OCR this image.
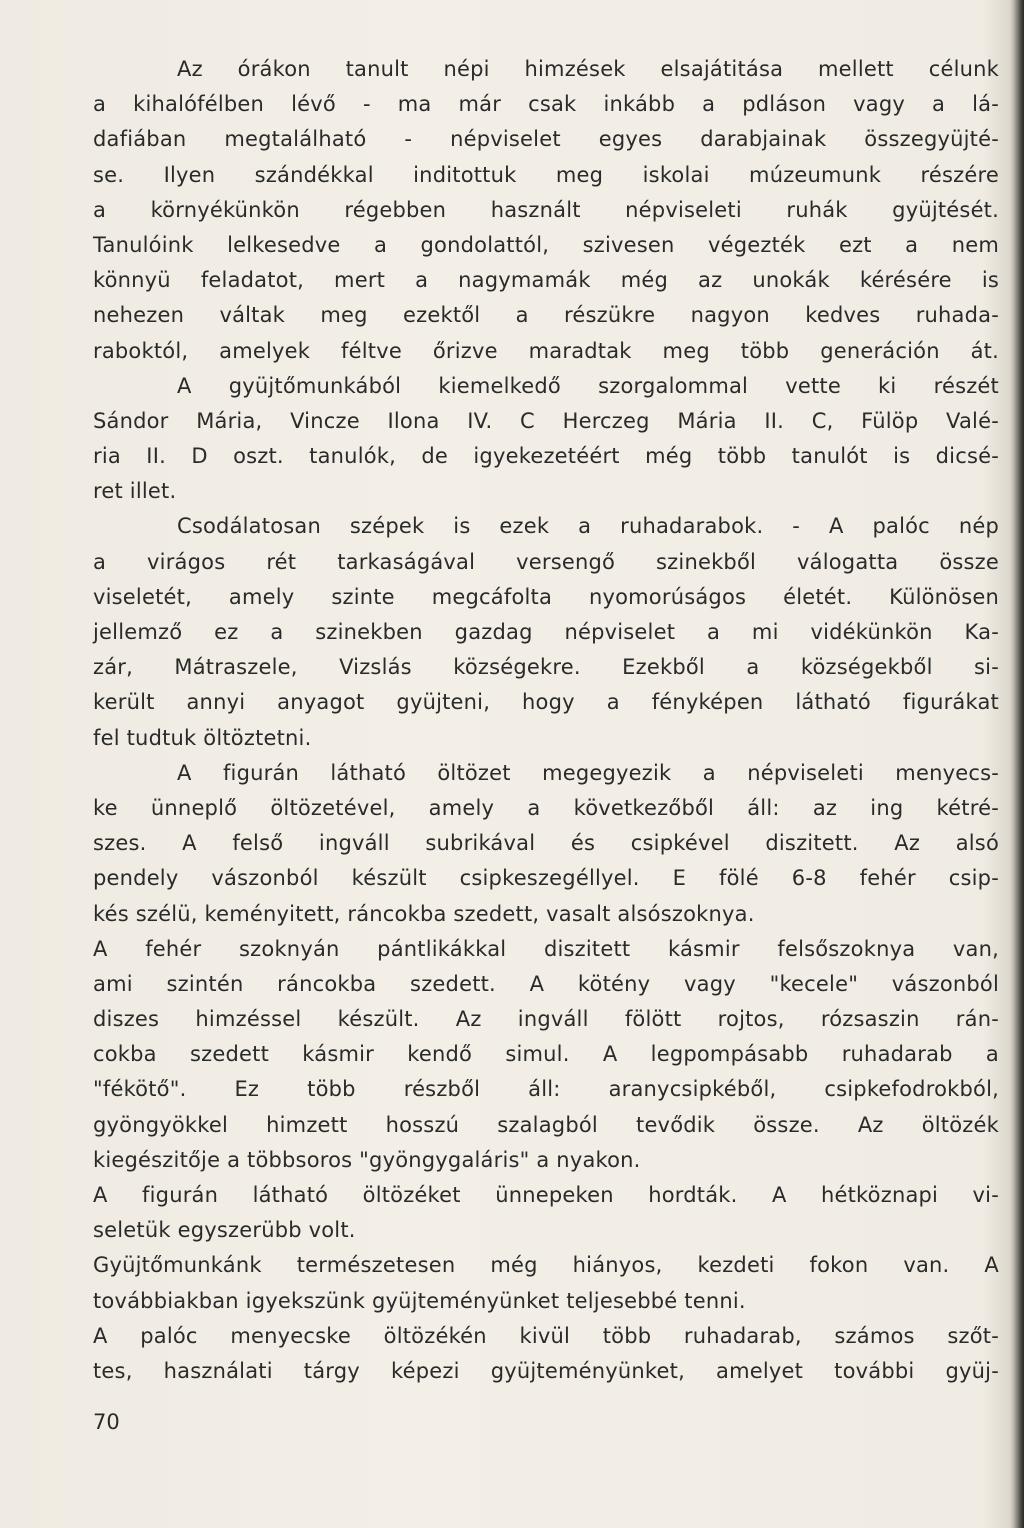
Az órákon tanult népi himzések elsajátitása mellett célunk
a kihalófélben lévő - ma már csak inkább a pdláson vagy a lá-
dafiában megtalálható - népviselet egyes darabjainak összegyüjté-
se. Ilyen szándékkal inditottuk meg iskolai múzeumunk részére
a környékünkön régebben használt népviseleti ruhák gyüjtését.
Tanulóink lelkesedve a gondolattól, szivesen végezték ezt a nem
könnyü feladatot, mert a nagymamák még az unokák kérésére is
nehezen váltak meg ezektől a részükre nagyon kedves ruhada-
raboktól, amelyek féltve őrizve maradtak meg több generáción át.
A gyüjtőmunkából kiemelkedő szorgalommal vette ki részét
Sándor Mária, Vincze Ilona IV. C Herczeg Mária II. C, Fülöp Valé-
ria II. D oszt. tanulók, de igyekezetéért még több tanulót is dicsé-
ret illet.
Csodálatosan szépek is ezek a ruhadarabok. - A palóc nép
a virágos rét tarkaságával versengő szinekből válogatta össze
viseletét, amely szinte megcáfolta nyomorúságos életét. Különösen
jellemző ez a szinekben gazdag népviselet a mi vidékünkön Ka-
zár, Mátraszele, Vizslás községekre. Ezekből a községekből si-
került annyi anyagot gyüjteni, hogy a fényképen látható figurákat
fel tudtuk öltöztetni.
A figurán látható öltözet megegyezik a népviseleti menyecs-
ke ünneplő öltözetével, amely a következőből áll: az ing kétré-
szes. A felső ingváll subrikával és csipkével diszitett. Az alsó
pendely vászonból készült csipkeszegéllyel. E fölé 6-8 fehér csip-
kés szélü, keményitett, ráncokba szedett, vasalt alsószoknya.
A fehér szoknyán pántlikákkal diszitett kásmir felsőszoknya van,
ami szintén ráncokba szedett. A kötény vagy "kecele" vászonból
diszes himzéssel készült. Az ingváll fölött rojtos, rózsaszin rán-
cokba szedett kásmir kendő simul. A legpompásabb ruhadarab a
"fékötő". Ez több részből áll: aranycsipkéből, csipkefodrokból,
gyöngyökkel himzett hosszú szalagból tevődik össze. Az öltözék
kiegészitője a többsoros "gyöngygaláris" a nyakon.
A figurán látható öltözéket ünnepeken hordták. A hétköznapi vi-
seletük egyszerübb volt.
Gyüjtőmunkánk természetesen még hiányos, kezdeti fokon van. A
továbbiakban igyekszünk gyüjteményünket teljesebbé tenni.
A palóc menyecske öltözékén kivül több ruhadarab, számos szőt-
tes, használati tárgy képezi gyüjteményünket, amelyet további gyüj-
70
